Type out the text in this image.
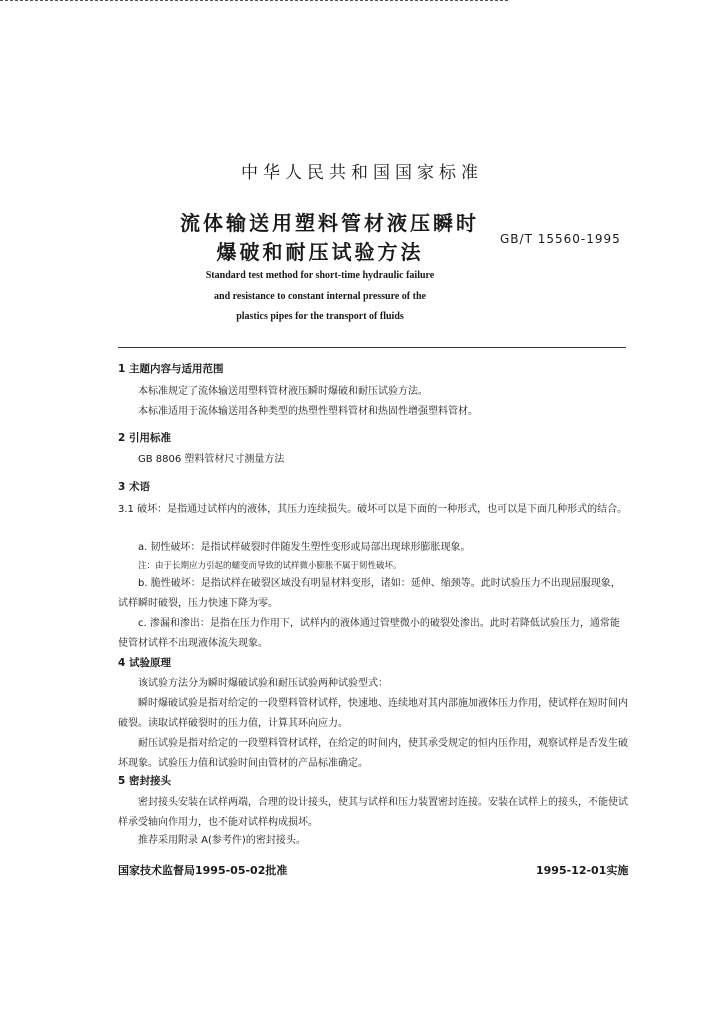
中华人民共和国国家标准
流体输送用塑料管材液压瞬时
爆破和耐压试验方法
GB/T 15560-1995
Standard test method for short-time hydraulic failure
and resistance to constant internal pressure of the
plastics pipes for the transport of fluids
1 主题内容与适用范围
本标准规定了流体输送用塑料管材液压瞬时爆破和耐压试验方法。
本标准适用于流体输送用各种类型的热塑性塑料管材和热固性增强塑料管材。
2 引用标准
GB 8806 塑料管材尺寸测量方法
3 术语
3.1 破坏：是指通过试样内的液体，其压力连续损失。破坏可以是下面的一种形式，也可以是下面几种形式的结合。
a. 韧性破坏：是指试样破裂时伴随发生塑性变形或局部出现球形膨胀现象。
注：由于长期应力引起的蠕变而导致的试样微小膨胀不属于韧性破坏。
b. 脆性破坏：是指试样在破裂区域没有明显材料变形，诸如：延伸、缩颈等。此时试验压力不出现屈服现象，试样瞬时破裂，压力快速下降为零。
c. 渗漏和渗出：是指在压力作用下，试样内的液体通过管壁微小的破裂处渗出。此时若降低试验压力，通常能使管材试样不出现液体流失现象。
4 试验原理
该试验方法分为瞬时爆破试验和耐压试验两种试验型式：
瞬时爆破试验是指对给定的一段塑料管材试样，快速地、连续地对其内部施加液体压力作用，使试样在短时间内破裂。读取试样破裂时的压力值，计算其环向应力。
耐压试验是指对给定的一段塑料管材试样，在给定的时间内，使其承受规定的恒内压作用，观察试样是否发生破坏现象。试验压力值和试验时间由管材的产品标准确定。
5 密封接头
密封接头安装在试样两端，合理的设计接头，使其与试样和压力装置密封连接。安装在试样上的接头，不能使试样承受轴向作用力，也不能对试样构成损坏。
推荐采用附录 A(参考件)的密封接头。
国家技术监督局1995-05-02批准	1995-12-01实施
